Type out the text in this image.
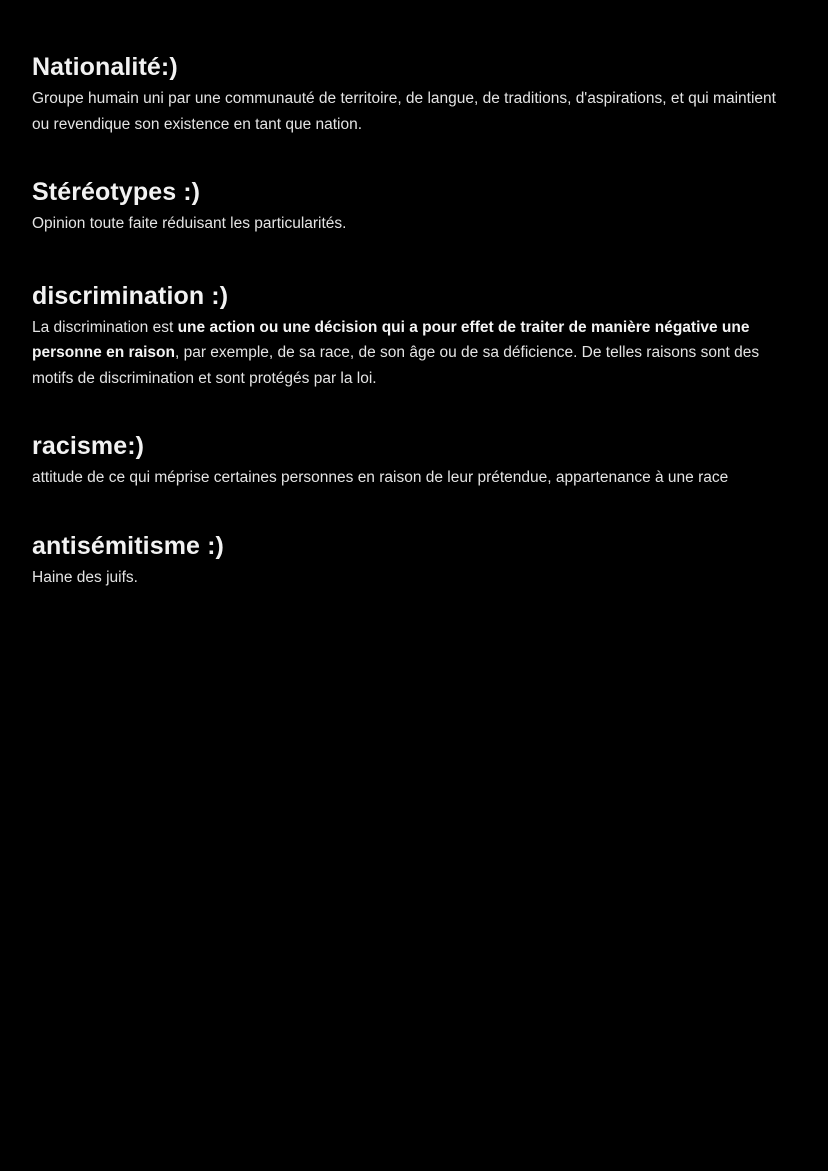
Nationalité:)

Groupe humain uni par une communauté de territoire, de langue, de traditions, d'aspirations, et qui maintient ou revendique son existence en tant que nation.

Stéréotypes :)

Opinion toute faite réduisant les particularités.

discrimination :)

La discrimination est une action ou une décision qui a pour effet de traiter de manière négative une personne en raison, par exemple, de sa race, de son âge ou de sa déficience. De telles raisons sont des motifs de discrimination et sont protégés par la loi.

racisme:)

attitude de ce qui méprise certaines personnes en raison de leur prétendue, appartenance à une race

antisémitisme :)

Haine des juifs.
